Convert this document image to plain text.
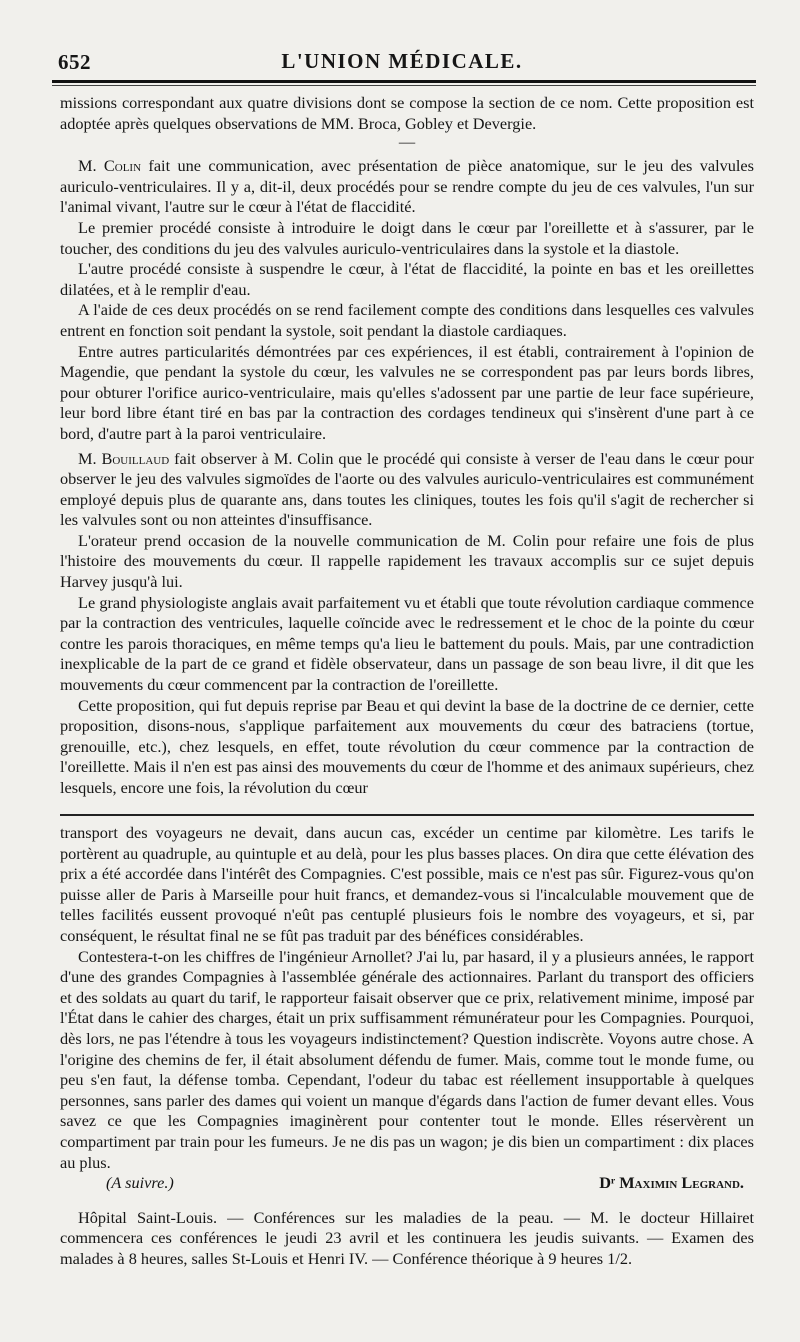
652	L'UNION MÉDICALE.

missions correspondant aux quatre divisions dont se compose la section de ce nom. Cette proposition est adoptée après quelques observations de MM. Broca, Gobley et Devergie.

—

M. Colin fait une communication, avec présentation de pièce anatomique, sur le jeu des valvules auriculo-ventriculaires. Il y a, dit-il, deux procédés pour se rendre compte du jeu de ces valvules, l'un sur l'animal vivant, l'autre sur le cœur à l'état de flaccidité.

Le premier procédé consiste à introduire le doigt dans le cœur par l'oreillette et à s'assurer, par le toucher, des conditions du jeu des valvules auriculo-ventriculaires dans la systole et la diastole.

L'autre procédé consiste à suspendre le cœur, à l'état de flaccidité, la pointe en bas et les oreillettes dilatées, et à le remplir d'eau.

A l'aide de ces deux procédés on se rend facilement compte des conditions dans lesquelles ces valvules entrent en fonction soit pendant la systole, soit pendant la diastole cardiaques.

Entre autres particularités démontrées par ces expériences, il est établi, contrairement à l'opinion de Magendie, que pendant la systole du cœur, les valvules ne se correspondent pas par leurs bords libres, pour obturer l'orifice aurico-ventriculaire, mais qu'elles s'adossent par une partie de leur face supérieure, leur bord libre étant tiré en bas par la contraction des cordages tendineux qui s'insèrent d'une part à ce bord, d'autre part à la paroi ventriculaire.

M. Bouillaud fait observer à M. Colin que le procédé qui consiste à verser de l'eau dans le cœur pour observer le jeu des valvules sigmoïdes de l'aorte ou des valvules auriculo-ventriculaires est communément employé depuis plus de quarante ans, dans toutes les cliniques, toutes les fois qu'il s'agit de rechercher si les valvules sont ou non atteintes d'insuffisance.

L'orateur prend occasion de la nouvelle communication de M. Colin pour refaire une fois de plus l'histoire des mouvements du cœur. Il rappelle rapidement les travaux accomplis sur ce sujet depuis Harvey jusqu'à lui.

Le grand physiologiste anglais avait parfaitement vu et établi que toute révolution cardiaque commence par la contraction des ventricules, laquelle coïncide avec le redressement et le choc de la pointe du cœur contre les parois thoraciques, en même temps qu'a lieu le battement du pouls. Mais, par une contradiction inexplicable de la part de ce grand et fidèle observateur, dans un passage de son beau livre, il dit que les mouvements du cœur commencent par la contraction de l'oreillette.

Cette proposition, qui fut depuis reprise par Beau et qui devint la base de la doctrine de ce dernier, cette proposition, disons-nous, s'applique parfaitement aux mouvements du cœur des batraciens (tortue, grenouille, etc.), chez lesquels, en effet, toute révolution du cœur commence par la contraction de l'oreillette. Mais il n'en est pas ainsi des mouvements du cœur de l'homme et des animaux supérieurs, chez lesquels, encore une fois, la révolution du cœur

transport des voyageurs ne devait, dans aucun cas, excéder un centime par kilomètre. Les tarifs le portèrent au quadruple, au quintuple et au delà, pour les plus basses places. On dira que cette élévation des prix a été accordée dans l'intérêt des Compagnies. C'est possible, mais ce n'est pas sûr. Figurez-vous qu'on puisse aller de Paris à Marseille pour huit francs, et demandez-vous si l'incalculable mouvement que de telles facilités eussent provoqué n'eût pas centuplé plusieurs fois le nombre des voyageurs, et si, par conséquent, le résultat final ne se fût pas traduit par des bénéfices considérables.

Contestera-t-on les chiffres de l'ingénieur Arnollet? J'ai lu, par hasard, il y a plusieurs années, le rapport d'une des grandes Compagnies à l'assemblée générale des actionnaires. Parlant du transport des officiers et des soldats au quart du tarif, le rapporteur faisait observer que ce prix, relativement minime, imposé par l'État dans le cahier des charges, était un prix suffisamment rémunérateur pour les Compagnies. Pourquoi, dès lors, ne pas l'étendre à tous les voyageurs indistinctement? Question indiscrète. Voyons autre chose. A l'origine des chemins de fer, il était absolument défendu de fumer. Mais, comme tout le monde fume, ou peu s'en faut, la défense tomba. Cependant, l'odeur du tabac est réellement insupportable à quelques personnes, sans parler des dames qui voient un manque d'égards dans l'action de fumer devant elles. Vous savez ce que les Compagnies imaginèrent pour contenter tout le monde. Elles réservèrent un compartiment par train pour les fumeurs. Je ne dis pas un wagon; je dis bien un compartiment : dix places au plus.

(A suivre.)	Dʳ Maximin Legrand.

Hôpital Saint-Louis. — Conférences sur les maladies de la peau. — M. le docteur Hillairet commencera ces conférences le jeudi 23 avril et les continuera les jeudis suivants. — Examen des malades à 8 heures, salles St-Louis et Henri IV. — Conférence théorique à 9 heures 1/2.
